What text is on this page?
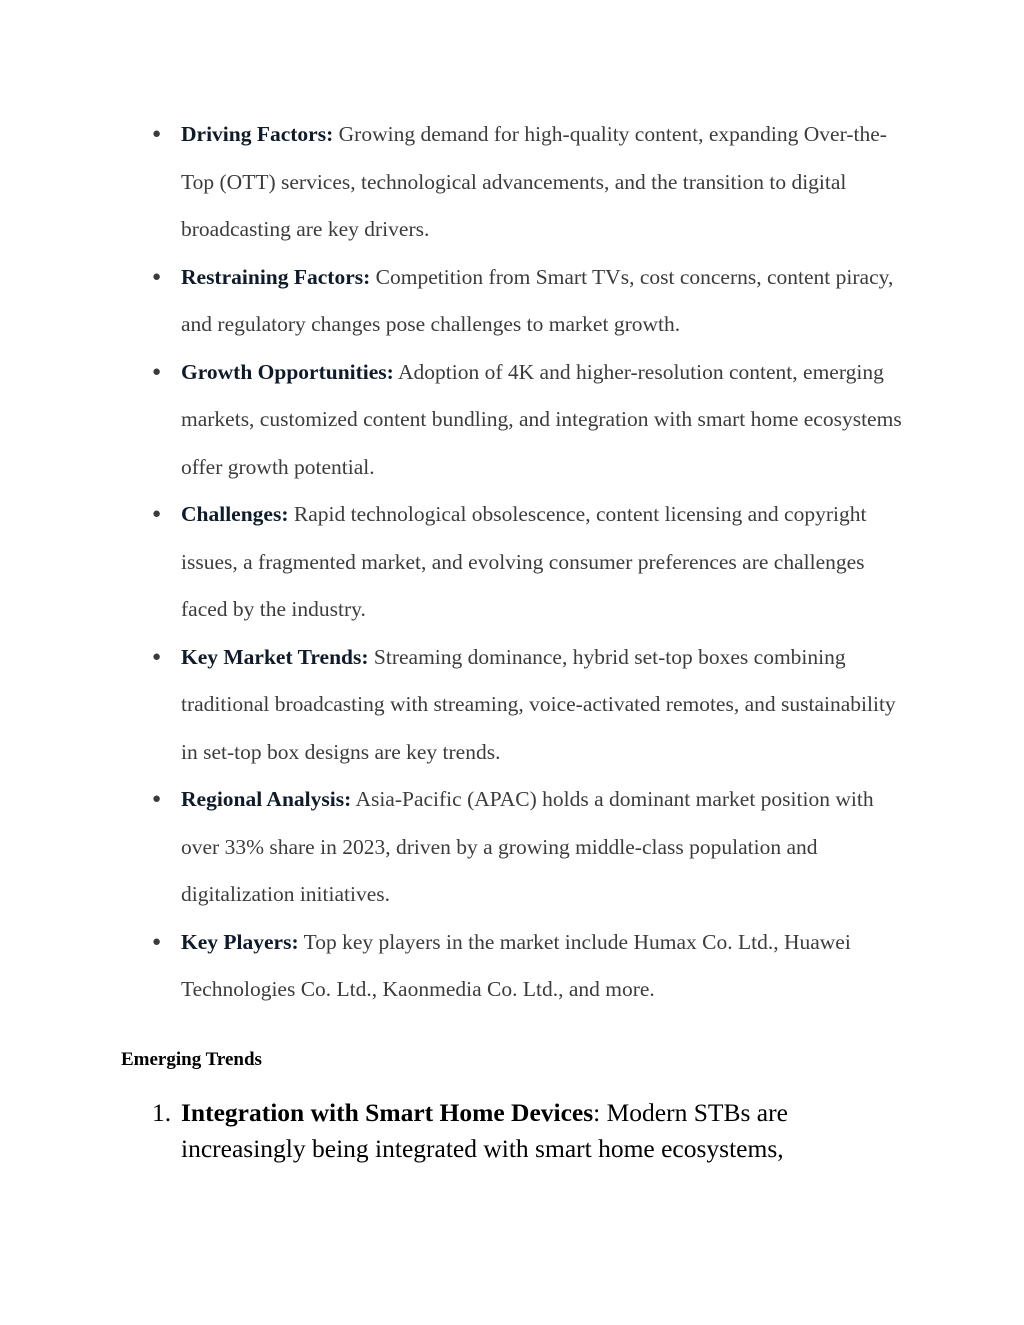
● Driving Factors: Growing demand for high-quality content, expanding Over-the-Top (OTT) services, technological advancements, and the transition to digital broadcasting are key drivers.
● Restraining Factors: Competition from Smart TVs, cost concerns, content piracy, and regulatory changes pose challenges to market growth.
● Growth Opportunities: Adoption of 4K and higher-resolution content, emerging markets, customized content bundling, and integration with smart home ecosystems offer growth potential.
● Challenges: Rapid technological obsolescence, content licensing and copyright issues, a fragmented market, and evolving consumer preferences are challenges faced by the industry.
● Key Market Trends: Streaming dominance, hybrid set-top boxes combining traditional broadcasting with streaming, voice-activated remotes, and sustainability in set-top box designs are key trends.
● Regional Analysis: Asia-Pacific (APAC) holds a dominant market position with over 33% share in 2023, driven by a growing middle-class population and digitalization initiatives.
● Key Players: Top key players in the market include Humax Co. Ltd., Huawei Technologies Co. Ltd., Kaonmedia Co. Ltd., and more.
Emerging Trends
1. Integration with Smart Home Devices: Modern STBs are increasingly being integrated with smart home ecosystems,
